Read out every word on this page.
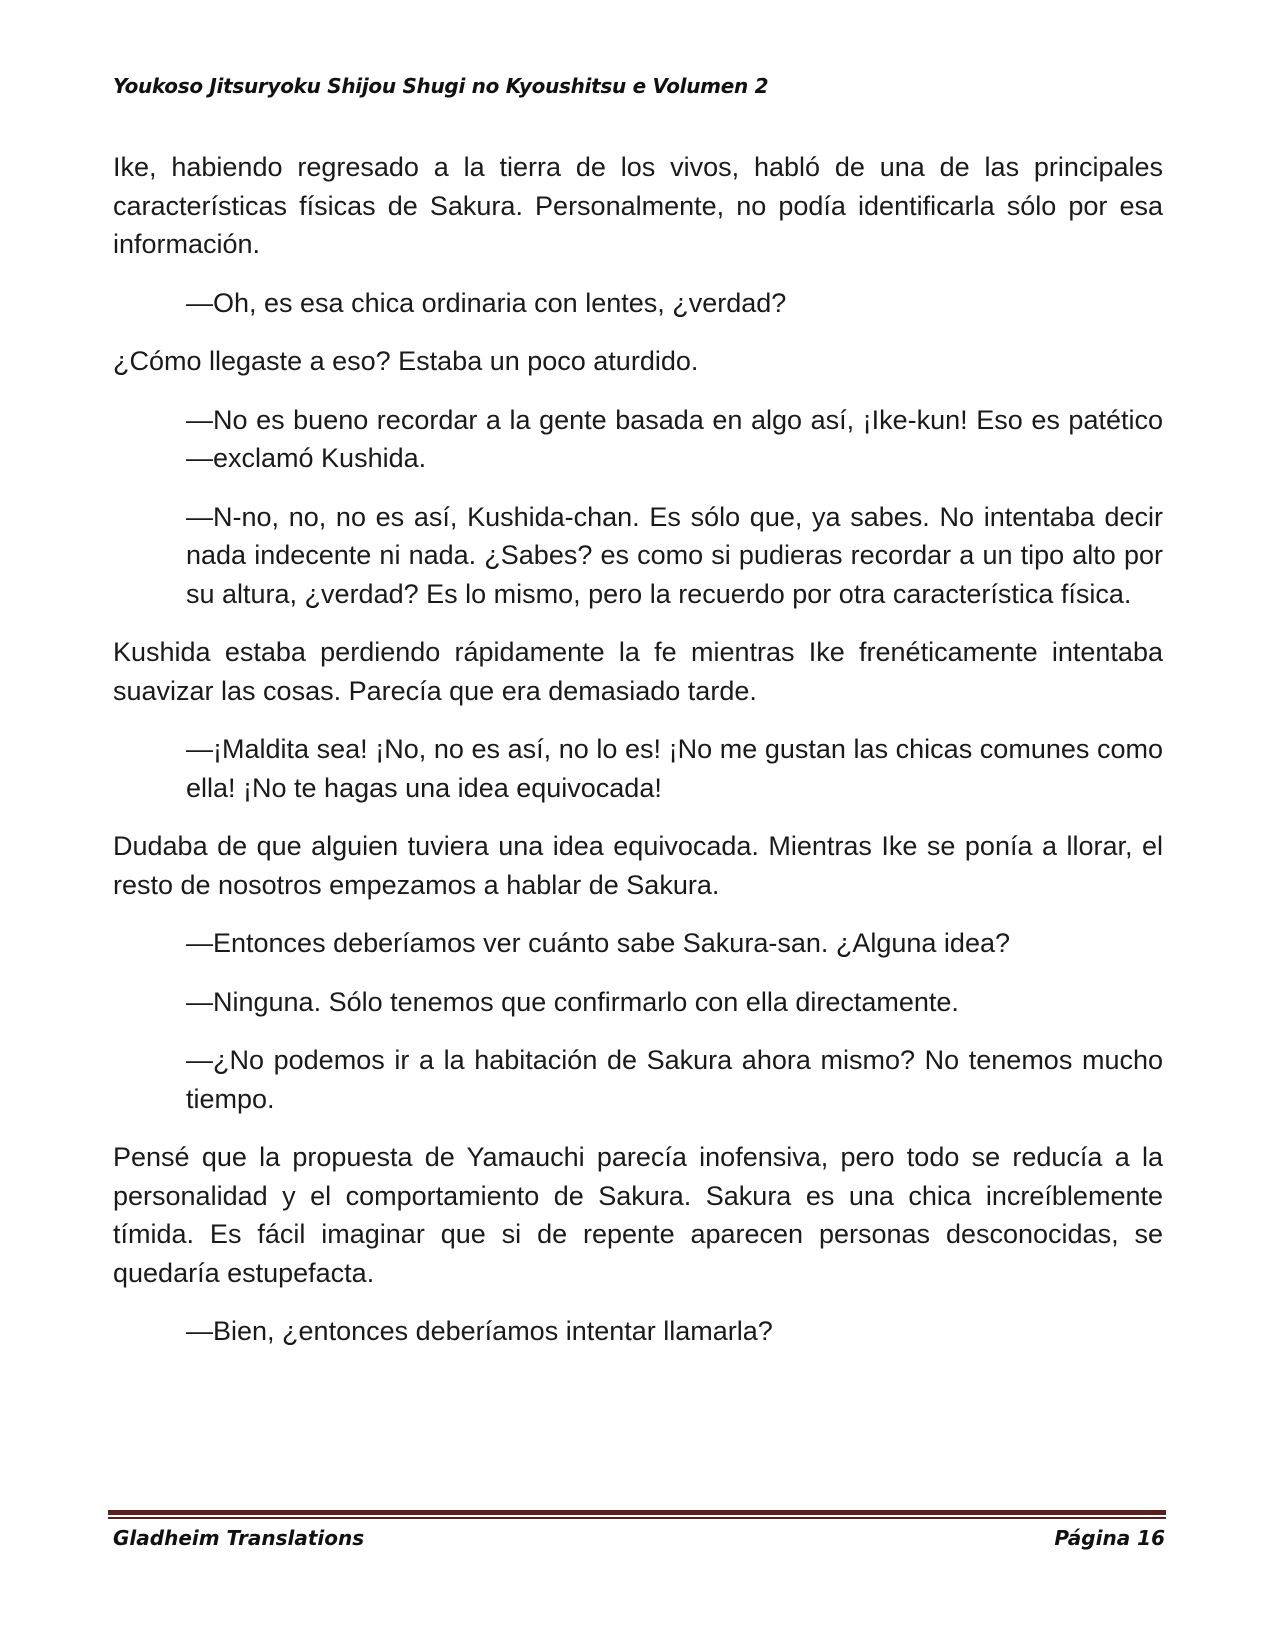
Youkoso Jitsuryoku Shijou Shugi no Kyoushitsu e Volumen 2

Ike, habiendo regresado a la tierra de los vivos, habló de una de las principales características físicas de Sakura. Personalmente, no podía identificarla sólo por esa información.

—Oh, es esa chica ordinaria con lentes, ¿verdad?

¿Cómo llegaste a eso? Estaba un poco aturdido.

—No es bueno recordar a la gente basada en algo así, ¡Ike-kun! Eso es patético —exclamó Kushida.

—N-no, no, no es así, Kushida-chan. Es sólo que, ya sabes. No intentaba decir nada indecente ni nada. ¿Sabes? es como si pudieras recordar a un tipo alto por su altura, ¿verdad? Es lo mismo, pero la recuerdo por otra característica física.

Kushida estaba perdiendo rápidamente la fe mientras Ike frenéticamente intentaba suavizar las cosas. Parecía que era demasiado tarde.

—¡Maldita sea! ¡No, no es así, no lo es! ¡No me gustan las chicas comunes como ella! ¡No te hagas una idea equivocada!

Dudaba de que alguien tuviera una idea equivocada. Mientras Ike se ponía a llorar, el resto de nosotros empezamos a hablar de Sakura.

—Entonces deberíamos ver cuánto sabe Sakura-san. ¿Alguna idea?

—Ninguna. Sólo tenemos que confirmarlo con ella directamente.

—¿No podemos ir a la habitación de Sakura ahora mismo? No tenemos mucho tiempo.

Pensé que la propuesta de Yamauchi parecía inofensiva, pero todo se reducía a la personalidad y el comportamiento de Sakura. Sakura es una chica increíblemente tímida. Es fácil imaginar que si de repente aparecen personas desconocidas, se quedaría estupefacta.

—Bien, ¿entonces deberíamos intentar llamarla?

Gladheim Translations	Página 16
